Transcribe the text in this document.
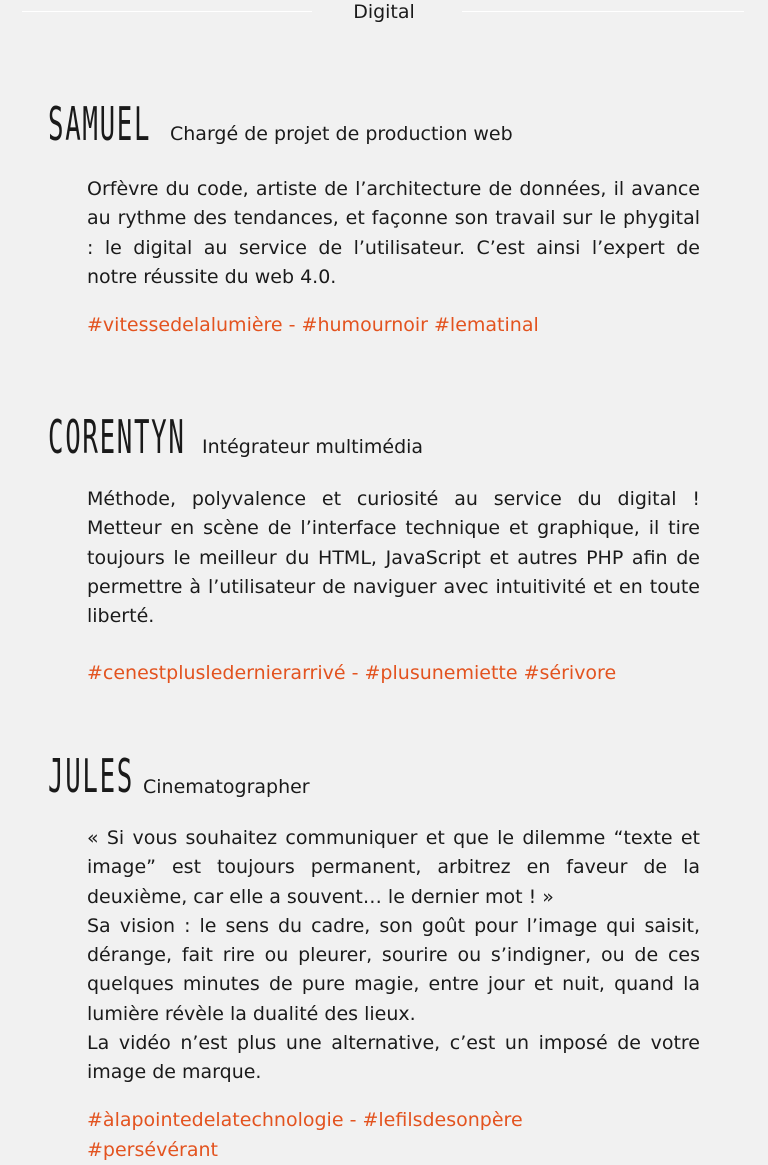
Digital
SAMUEL Chargé de projet de production web

Orfèvre du code, artiste de l’architecture de données, il avance au rythme des tendances, et façonne son travail sur le phygital : le digital au service de l’utilisateur. C’est ainsi l’expert de notre réussite du web 4.0.

#vitessedelalumière - #humournoir #lematinal

CORENTYN Intégrateur multimédia

Méthode, polyvalence et curiosité au service du digital ! Metteur en scène de l’interface technique et graphique, il tire toujours le meilleur du HTML, JavaScript et autres PHP afin de permettre à l’utilisateur de naviguer avec intuitivité et en toute liberté.

#cenestplusledernierarrivé - #plusunemiette #sérivore

JULES Cinematographer

« Si vous souhaitez communiquer et que le dilemme “texte et image” est toujours permanent, arbitrez en faveur de la deuxième, car elle a souvent… le dernier mot ! »
Sa vision : le sens du cadre, son goût pour l’image qui saisit, dérange, fait rire ou pleurer, sourire ou s’indigner, ou de ces quelques minutes de pure magie, entre jour et nuit, quand la lumière révèle la dualité des lieux.
La vidéo n’est plus une alternative, c’est un imposé de votre image de marque.

#àlapointedelatechnologie - #lefilsdesonpère
#persévérant
